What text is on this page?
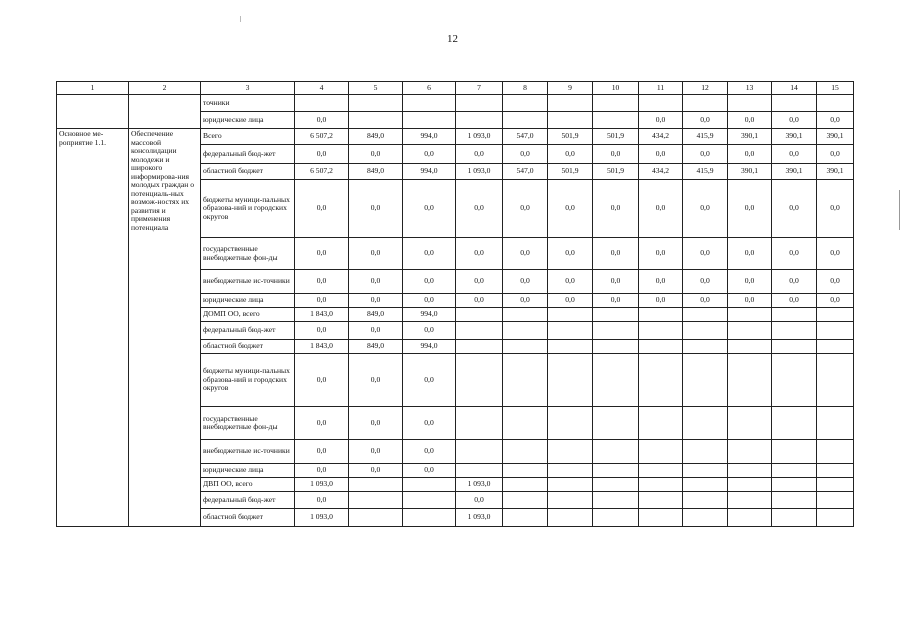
12
1	2	3	4	5	6	7	8	9	10	11	12	13	14	15
		точники												
		юридические лица	0,0							0,0	0,0	0,0	0,0	0,0
Основное ме-роприятие 1.1.	Обеспечение массовой консолидации молодежи и широкого информирова-ния молодых граждан о потенциаль-ных возмож-ностях их развития и применения потенциала	Всего	6 507,2	849,0	994,0	1 093,0	547,0	501,9	501,9	434,2	415,9	390,1	390,1	390,1
		федеральный бюд-жет	0,0	0,0	0,0	0,0	0,0	0,0	0,0	0,0	0,0	0,0	0,0	0,0
		областной бюджет	6 507,2	849,0	994,0	1 093,0	547,0	501,9	501,9	434,2	415,9	390,1	390,1	390,1
		бюджеты муници-пальных образова-ний и городских округов	0,0	0,0	0,0	0,0	0,0	0,0	0,0	0,0	0,0	0,0	0,0	0,0
		государственные внебюджетные фон-ды	0,0	0,0	0,0	0,0	0,0	0,0	0,0	0,0	0,0	0,0	0,0	0,0
		внебюджетные ис-точники	0,0	0,0	0,0	0,0	0,0	0,0	0,0	0,0	0,0	0,0	0,0	0,0
		юридические лица	0,0	0,0	0,0	0,0	0,0	0,0	0,0	0,0	0,0	0,0	0,0	0,0
		ДОМП ОО, всего	1 843,0	849,0	994,0									
		федеральный бюд-жет	0,0	0,0	0,0									
		областной бюджет	1 843,0	849,0	994,0									
		бюджеты муници-пальных образова-ний и городских округов	0,0	0,0	0,0									
		государственные внебюджетные фон-ды	0,0	0,0	0,0									
		внебюджетные ис-точники	0,0	0,0	0,0									
		юридические лица	0,0	0,0	0,0									
		ДВП ОО, всего	1 093,0			1 093,0								
		федеральный бюд-жет	0,0			0,0								
		областной бюджет	1 093,0			1 093,0								
